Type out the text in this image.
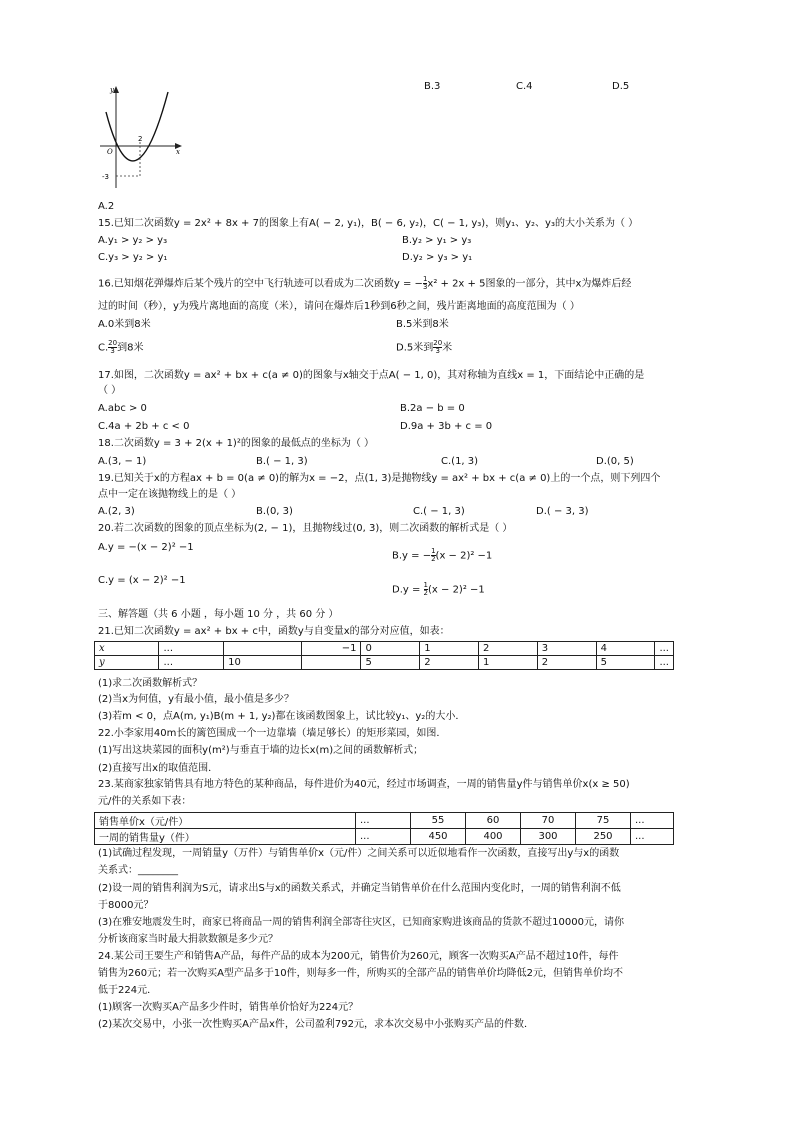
y
x
O
2
-3
B.3	C.4	D.5
A.2
15.已知二次函数y = 2x² + 8x + 7的图象上有A( − 2, y₁)，B( − 6, y₂)，C( − 1, y₃)，则y₁、y₂、y₃的大小关系为（ ）
A.y₁ > y₂ > y₃	B.y₂ > y₁ > y₃
C.y₃ > y₂ > y₁	D.y₂ > y₃ > y₁
16.已知烟花弹爆炸后某个残片的空中飞行轨迹可以看成为二次函数y = − $\frac{1}{3} x^2 + 2x + 5$图象的一部分，其中x为爆炸后经
过的时间（秒），y为残片离地面的高度（米），请问在爆炸后1秒到6秒之间，残片距离地面的高度范围为（ ）
A.0米到8米	B.5米到8米
C. $\frac{20}{3}$ 到8米	D.5米到 $\frac{20}{3}$ 米
17.如图，二次函数y = ax² + bx + c(a ≠ 0)的图象与x轴交于点A( − 1, 0)，其对称轴为直线x = 1，下面结论中正确的是
（ ）
A.abc > 0	B.2a − b = 0
C.4a + 2b + c < 0	D.9a + 3b + c = 0
18.二次函数y = 3 + 2(x + 1)²的图象的最低点的坐标为（ ）
A.(3, − 1)	B.( − 1, 3)	C.(1, 3)	D.(0, 5)
19.已知关于x的方程ax + b = 0(a ≠ 0)的解为x = −2，点(1, 3)是抛物线y = ax² + bx + c(a ≠ 0)上的一个点，则下列四个
点中一定在该抛物线上的是（ ）
A.(2, 3)	B.(0, 3)	C.( − 1, 3)	D.( − 3, 3)
20.若二次函数的图象的顶点坐标为(2, − 1)，且抛物线过(0, 3)，则二次函数的解析式是（ ）
A.y = −(x − 2)² −1
B.y = − $\frac{1}{2} (x - 2)^2 -1$
C.y = (x − 2)² −1
$D.y = \frac{1}{2} (x - 2)^2 -1$
三、解答题（共 6 小题 ，每小题 10 分 ，共 60 分 ）
21.已知二次函数y = ax² + bx + c中，函数y与自变量x的部分对应值，如表：
x	...		−1	0	1	2	3	4	...
y	...	10		5	2	1	2	5	...
(1)求二次函数解析式？
(2)当x为何值，y有最小值，最小值是多少？
(3)若m < 0，点A(m, y₁)B(m + 1, y₂)都在该函数图象上，试比较y₁、y₂的大小．
22.小李家用40m长的篱笆围成一个一边靠墙（墙足够长）的矩形菜园，如图．
(1)写出这块菜园的面积y(m²)与垂直于墙的边长x(m)之间的函数解析式；
(2)直接写出x的取值范围．
23.某商家独家销售具有地方特色的某种商品，每件进价为40元，经过市场调查，一周的销售量y件与销售单价x(x ≥ 50)
元/件的关系如下表：
销售单价x（元/件）	...	55	60	70	75	...
一周的销售量y（件）	...	450	400	300	250	...
(1)试确过程发现，一周销量y（万件）与销售单价x（元/件）之间关系可以近似地看作一次函数，直接写出y与x的函数
关系式：________
(2)设一周的销售利润为S元，请求出S与x的函数关系式，并确定当销售单价在什么范围内变化时，一周的销售利润不低
于8000元？
(3)在雅安地震发生时，商家已将商品一周的销售利润全部寄往灾区，已知商家购进该商品的货款不超过10000元，请你
分析该商家当时最大捐款数额是多少元？
24.某公司王要生产和销售A产品，每件产品的成本为200元，销售价为260元，顾客一次购买A产品不超过10件，每件
销售为260元；若一次购买A型产品多于10件，则每多一件，所购买的全部产品的销售单价均降低2元，但销售单价均不
低于224元．
(1)顾客一次购买A产品多少件时，销售单价恰好为224元？
(2)某次交易中，小张一次性购买A产品x件，公司盈利792元，求本次交易中小张购买产品的件数．
